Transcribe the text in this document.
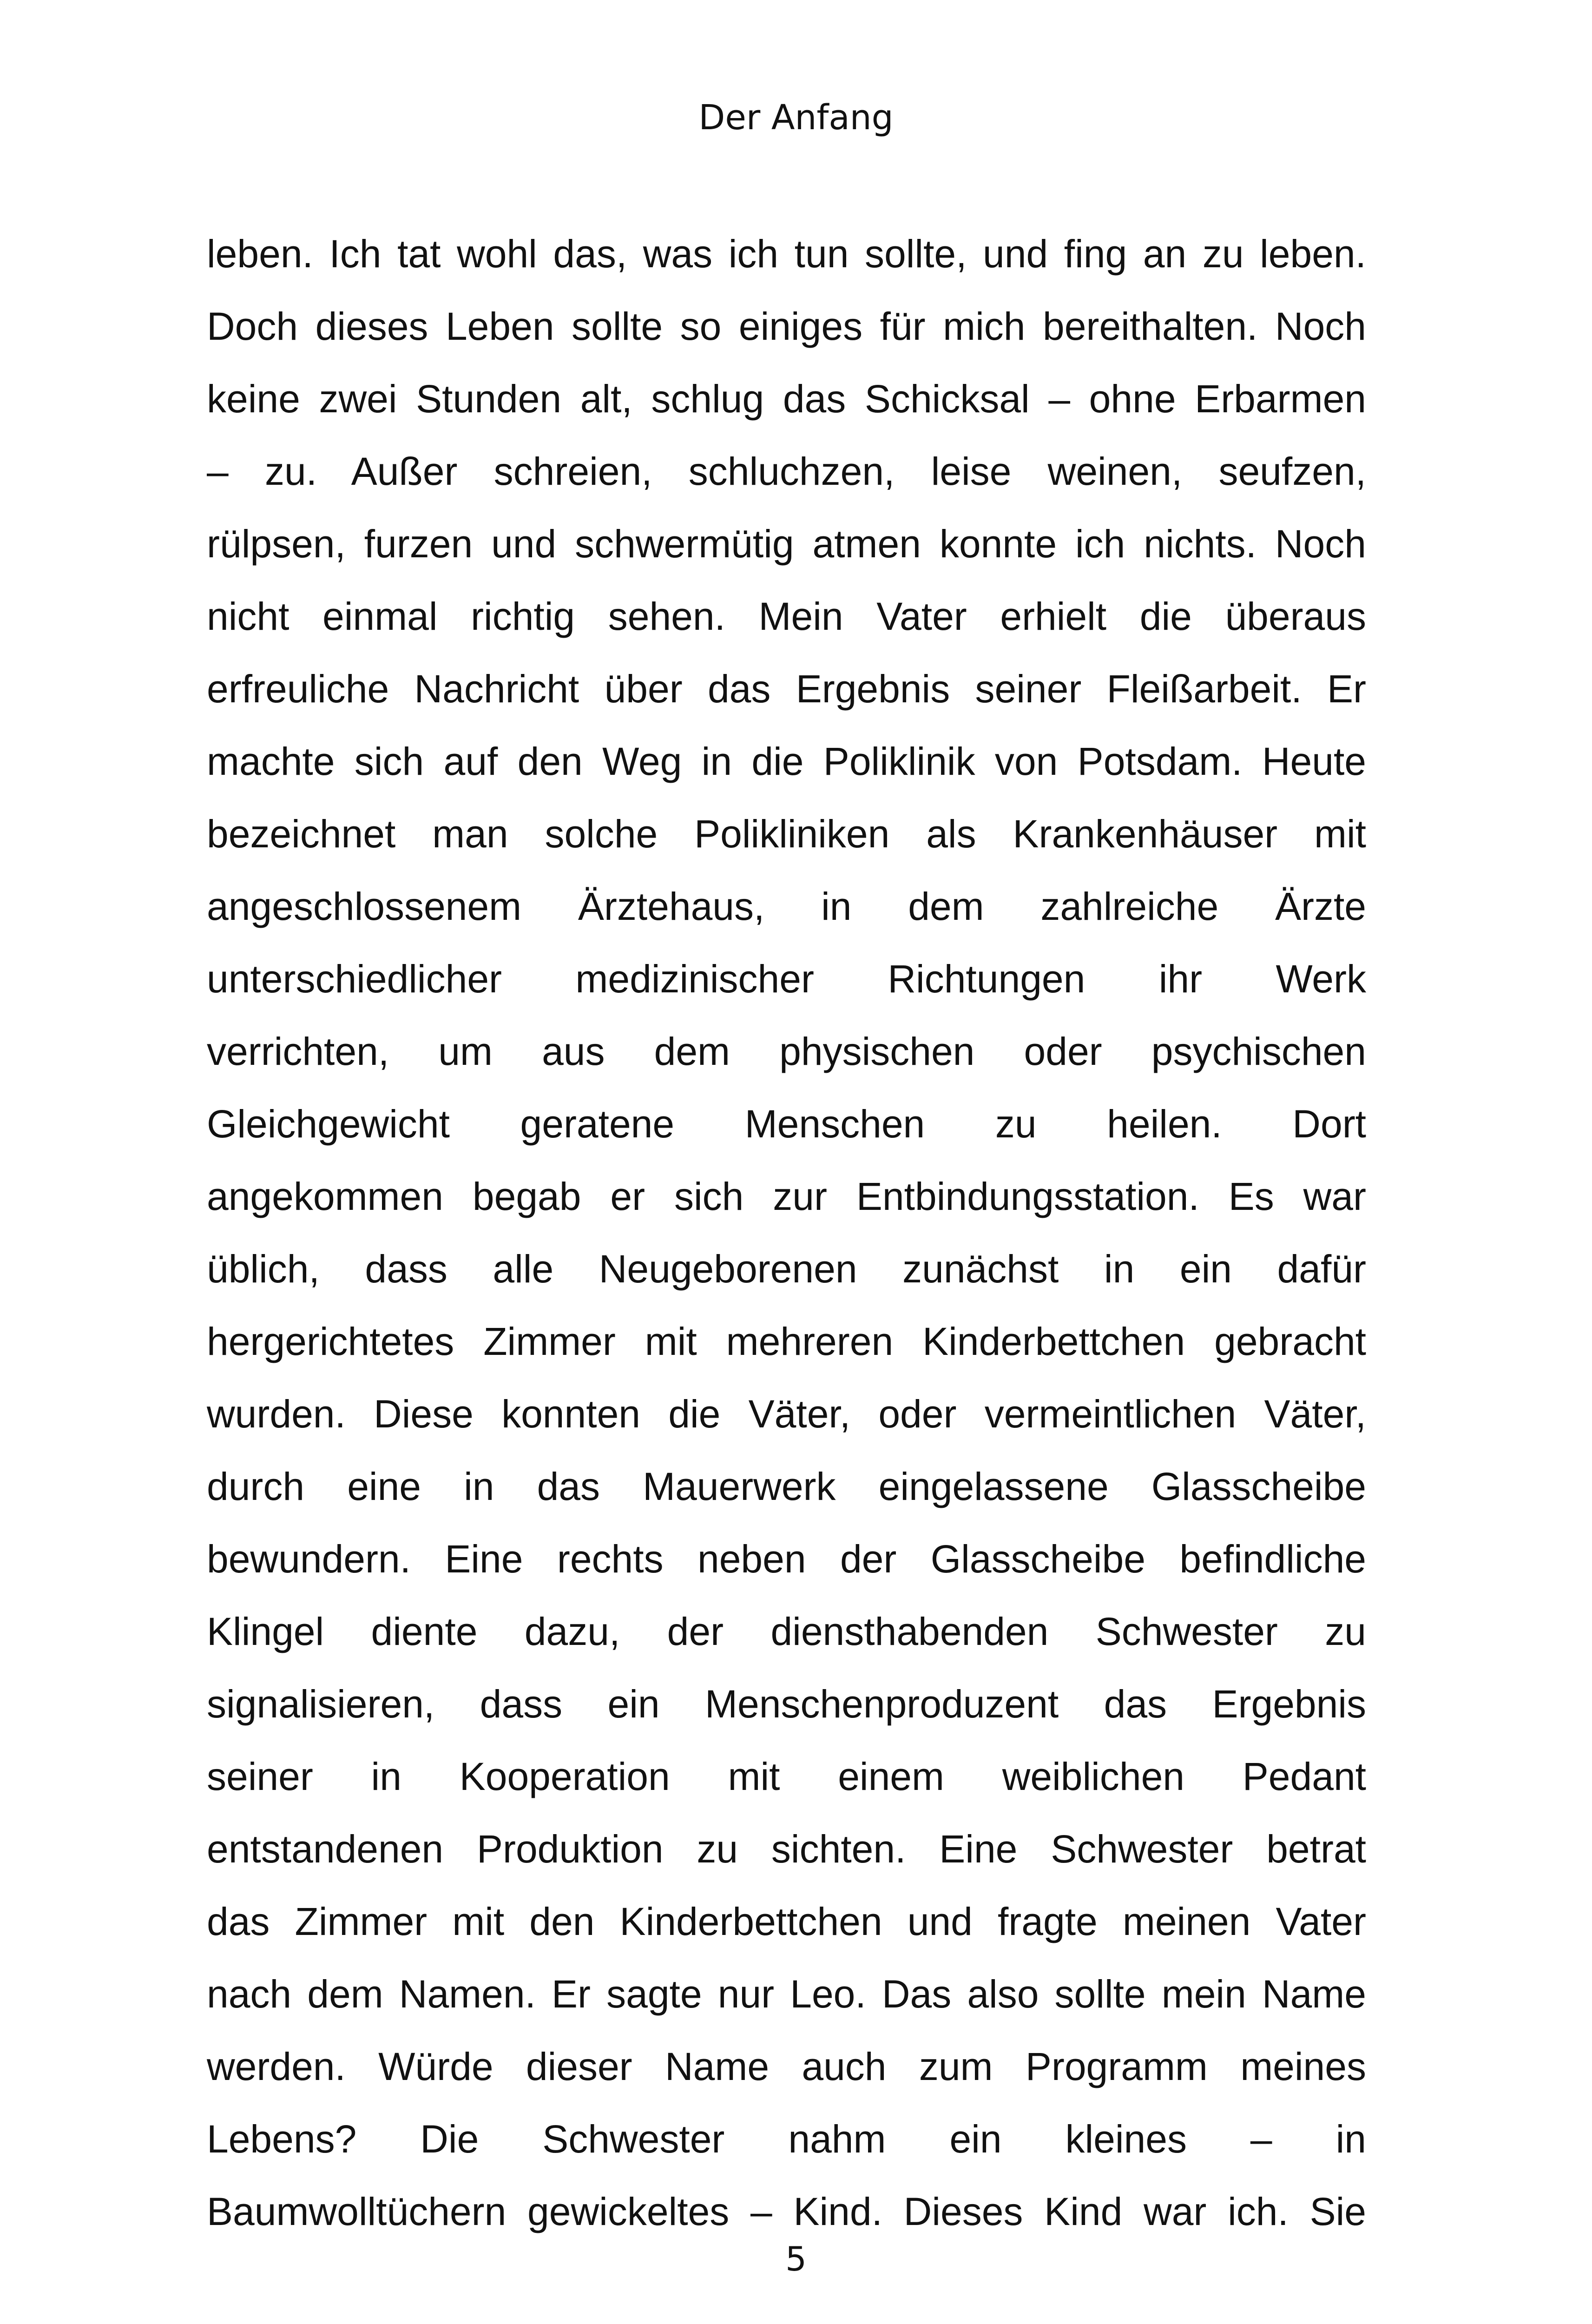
Der Anfang
leben. Ich tat wohl das, was ich tun sollte, und fing an zu leben.
Doch dieses Leben sollte so einiges für mich bereithalten. Noch
keine zwei Stunden alt, schlug das Schicksal – ohne Erbarmen
– zu. Außer schreien, schluchzen, leise weinen, seufzen,
rülpsen, furzen und schwermütig atmen konnte ich nichts. Noch
nicht einmal richtig sehen. Mein Vater erhielt die überaus
erfreuliche Nachricht über das Ergebnis seiner Fleißarbeit. Er
machte sich auf den Weg in die Poliklinik von Potsdam. Heute
bezeichnet man solche Polikliniken als Krankenhäuser mit
angeschlossenem Ärztehaus, in dem zahlreiche Ärzte
unterschiedlicher medizinischer Richtungen ihr Werk
verrichten, um aus dem physischen oder psychischen
Gleichgewicht geratene Menschen zu heilen. Dort
angekommen begab er sich zur Entbindungsstation. Es war
üblich, dass alle Neugeborenen zunächst in ein dafür
hergerichtetes Zimmer mit mehreren Kinderbettchen gebracht
wurden. Diese konnten die Väter, oder vermeintlichen Väter,
durch eine in das Mauerwerk eingelassene Glasscheibe
bewundern. Eine rechts neben der Glasscheibe befindliche
Klingel diente dazu, der diensthabenden Schwester zu
signalisieren, dass ein Menschenproduzent das Ergebnis
seiner in Kooperation mit einem weiblichen Pedant
entstandenen Produktion zu sichten. Eine Schwester betrat
das Zimmer mit den Kinderbettchen und fragte meinen Vater
nach dem Namen. Er sagte nur Leo. Das also sollte mein Name
werden. Würde dieser Name auch zum Programm meines
Lebens? Die Schwester nahm ein kleines – in
Baumwolltüchern gewickeltes – Kind. Dieses Kind war ich. Sie
5
